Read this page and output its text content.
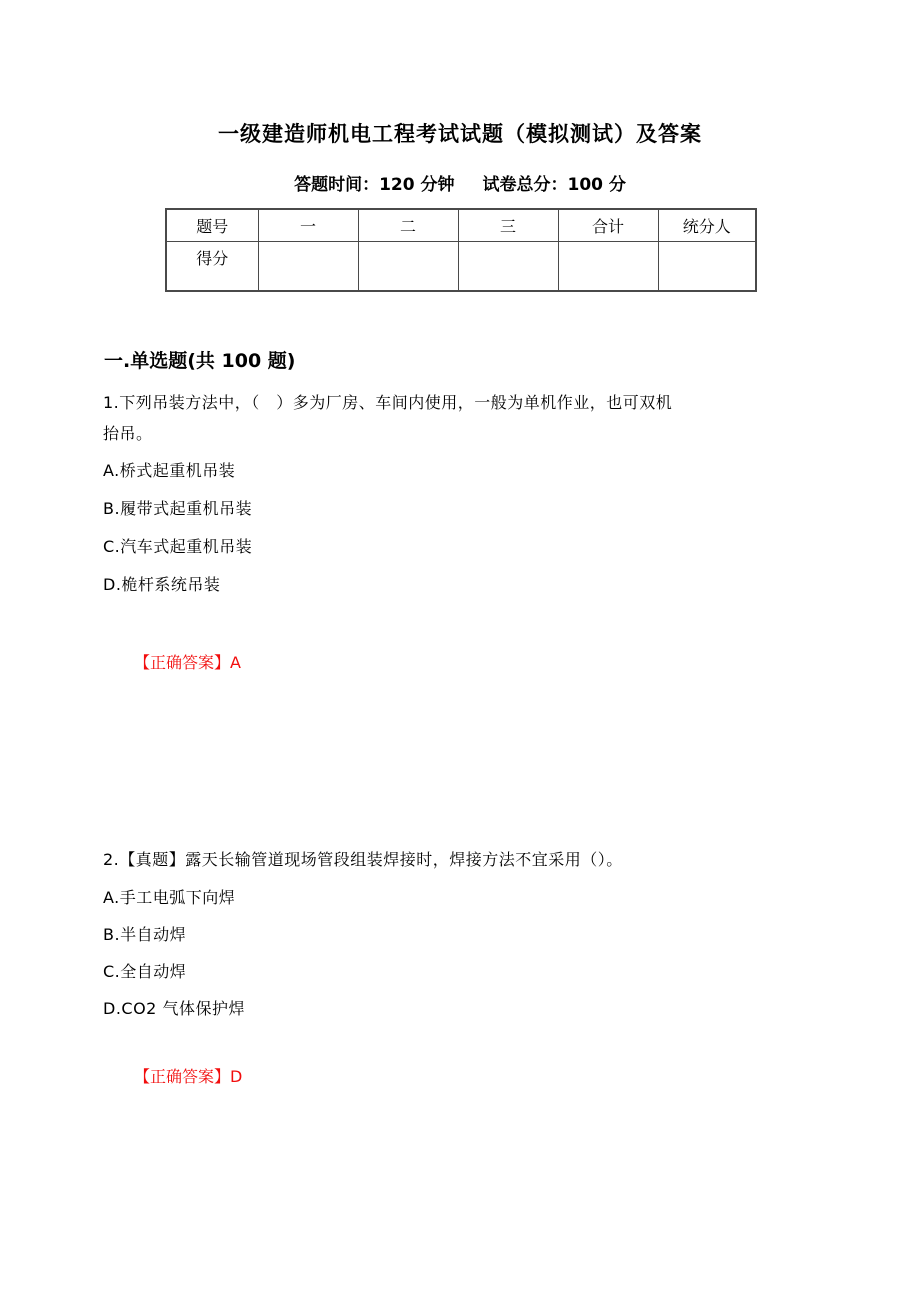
一级建造师机电工程考试试题（模拟测试）及答案
答题时间：120 分钟 试卷总分：100 分
题号	一	二	三	合计	统分人
得分					
一.单选题(共 100 题)
1.下列吊装方法中，（　）多为厂房、车间内使用，一般为单机作业，也可双机
抬吊。
A.桥式起重机吊装
B.履带式起重机吊装
C.汽车式起重机吊装
D.桅杆系统吊装
【正确答案】A
2.【真题】露天长输管道现场管段组装焊接时，焊接方法不宜采用（）。
A.手工电弧下向焊
B.半自动焊
C.全自动焊
D.CO2 气体保护焊
【正确答案】D
